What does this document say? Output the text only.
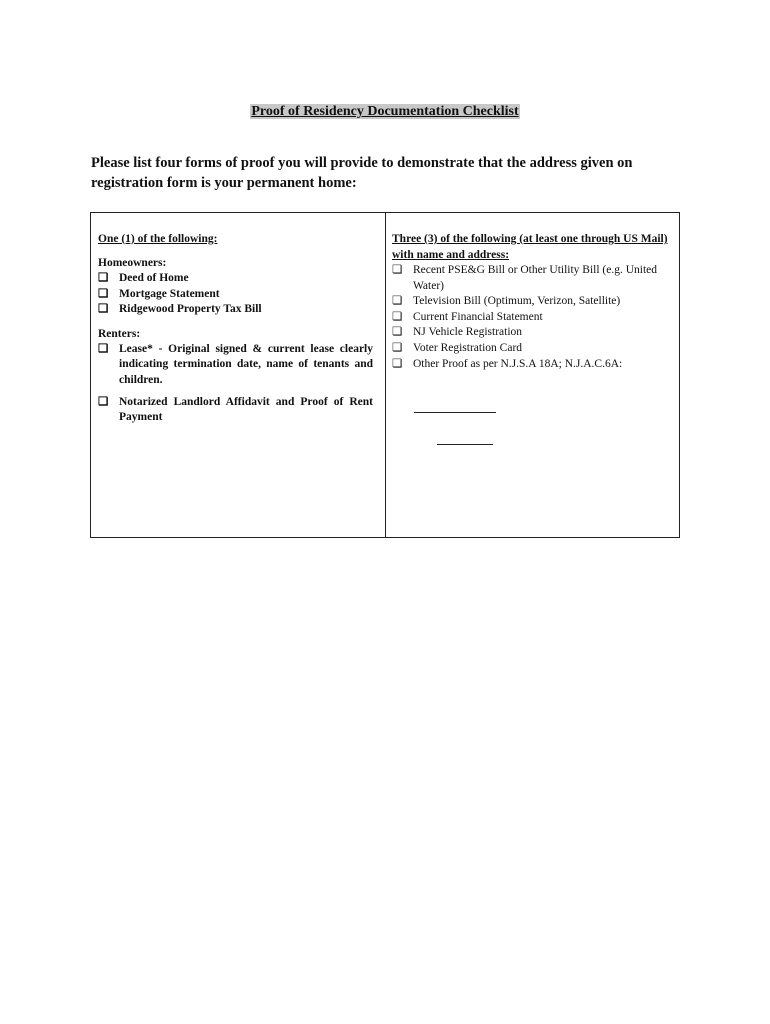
Proof of Residency Documentation Checklist
Please list four forms of proof you will provide to demonstrate that the address given on registration form is your permanent home:
One (1) of the following:
Homeowners:
❏ Deed of Home
❏ Mortgage Statement
❏ Ridgewood Property Tax Bill
Renters:
❏ Lease* - Original signed & current lease clearly indicating termination date, name of tenants and children.
❏ Notarized Landlord Affidavit and Proof of Rent Payment
Three (3) of the following (at least one through US Mail) with name and address:
❏ Recent PSE&G Bill or Other Utility Bill (e.g. United Water)
❏ Television Bill (Optimum, Verizon, Satellite)
❏ Current Financial Statement
❏ NJ Vehicle Registration
❏ Voter Registration Card
❏ Other Proof as per N.J.S.A 18A; N.J.A.C.6A:
